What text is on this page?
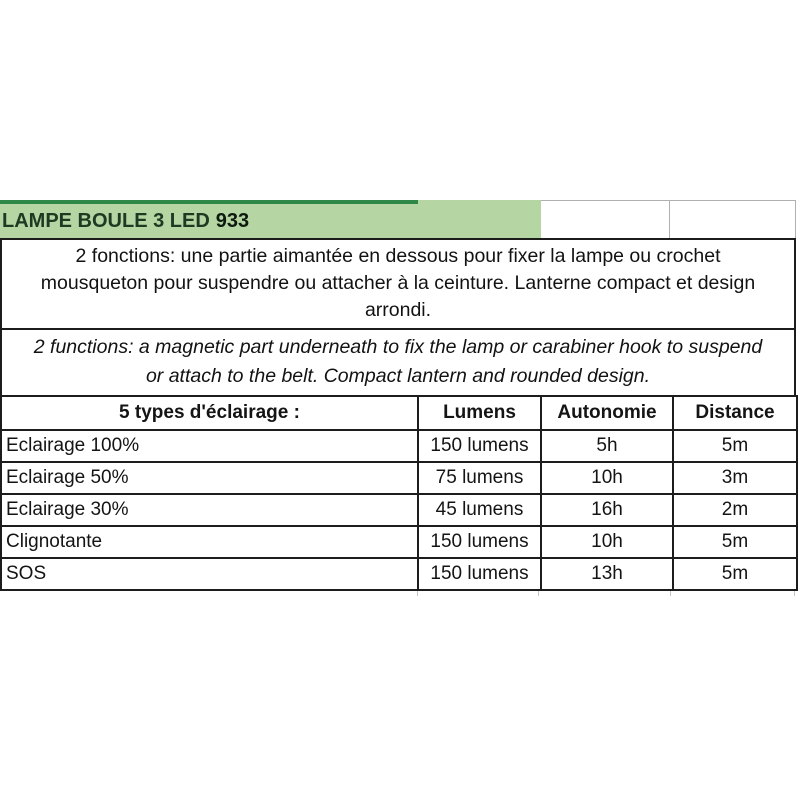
LAMPE BOULE 3 LED 933
2 fonctions: une partie aimantée en dessous pour fixer la lampe ou crochet mousqueton pour suspendre ou attacher à la ceinture. Lanterne compact et design arrondi.
2 functions: a magnetic part underneath to fix the lamp or carabiner hook to suspend or attach to the belt. Compact lantern and rounded design.
5 types d'éclairage :	Lumens	Autonomie	Distance
Eclairage 100%	150 lumens	5h	5m
Eclairage 50%	75 lumens	10h	3m
Eclairage 30%	45 lumens	16h	2m
Clignotante	150 lumens	10h	5m
SOS	150 lumens	13h	5m
